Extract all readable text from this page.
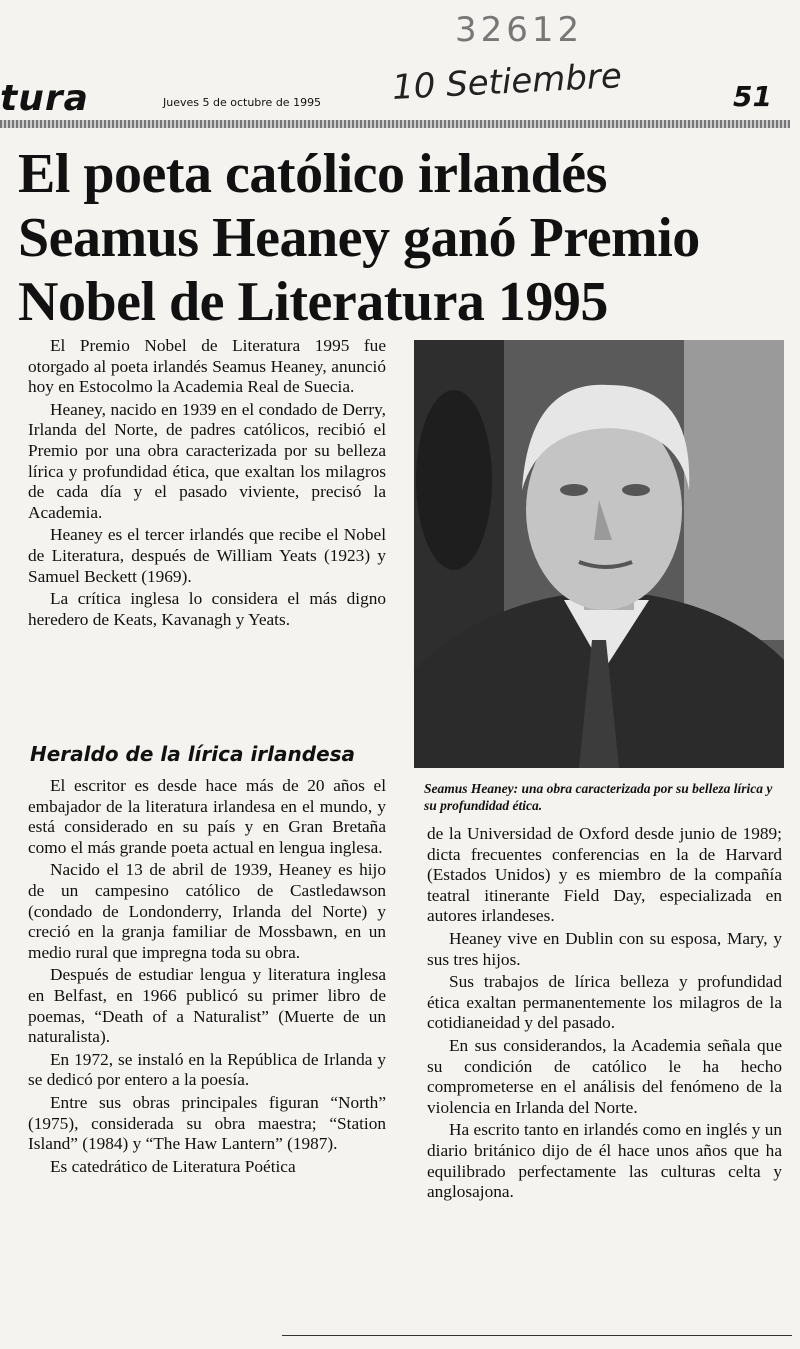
32612
10 Setiembre
tura	Jueves 5 de octubre de 1995	51
El poeta católico irlandés
Seamus Heaney ganó Premio
Nobel de Literatura 1995

El Premio Nobel de Literatura 1995 fue otorgado al poeta irlandés Seamus Heaney, anunció hoy en Estocolmo la Academia Real de Suecia.

Heaney, nacido en 1939 en el condado de Derry, Irlanda del Norte, de padres católicos, recibió el Premio por una obra caracterizada por su belleza lírica y profundidad ética, que exaltan los milagros de cada día y el pasado viviente, precisó la Academia.

Heaney es el tercer irlandés que recibe el Nobel de Literatura, después de William Yeats (1923) y Samuel Beckett (1969).

La crítica inglesa lo considera el más digno heredero de Keats, Kavanagh y Yeats.

Heraldo de la lírica irlandesa

El escritor es desde hace más de 20 años el embajador de la literatura irlandesa en el mundo, y está considerado en su país y en Gran Bretaña como el más grande poeta actual en lengua inglesa.

Nacido el 13 de abril de 1939, Heaney es hijo de un campesino católico de Castledawson (condado de Londonderry, Irlanda del Norte) y creció en la granja familiar de Mossbawn, en un medio rural que impregna toda su obra.

Después de estudiar lengua y literatura inglesa en Belfast, en 1966 publicó su primer libro de poemas, “Death of a Naturalist” (Muerte de un naturalista).

En 1972, se instaló en la República de Irlanda y se dedicó por entero a la poesía.

Entre sus obras principales figuran “North” (1975), considerada su obra maestra; “Station Island” (1984) y “The Haw Lantern” (1987).

Es catedrático de Literatura Poética

Seamus Heaney: una obra caracterizada por su belleza lírica y su profundidad ética.

de la Universidad de Oxford desde junio de 1989; dicta frecuentes conferencias en la de Harvard (Estados Unidos) y es miembro de la compañía teatral itinerante Field Day, especializada en autores irlandeses.

Heaney vive en Dublin con su esposa, Mary, y sus tres hijos.

Sus trabajos de lírica belleza y profundidad ética exaltan permanentemente los milagros de la cotidianeidad y del pasado.

En sus considerandos, la Academia señala que su condición de católico le ha hecho comprometerse en el análisis del fenómeno de la violencia en Irlanda del Norte.

Ha escrito tanto en irlandés como en inglés y un diario británico dijo de él hace unos años que ha equilibrado perfectamente las culturas celta y anglosajona.
